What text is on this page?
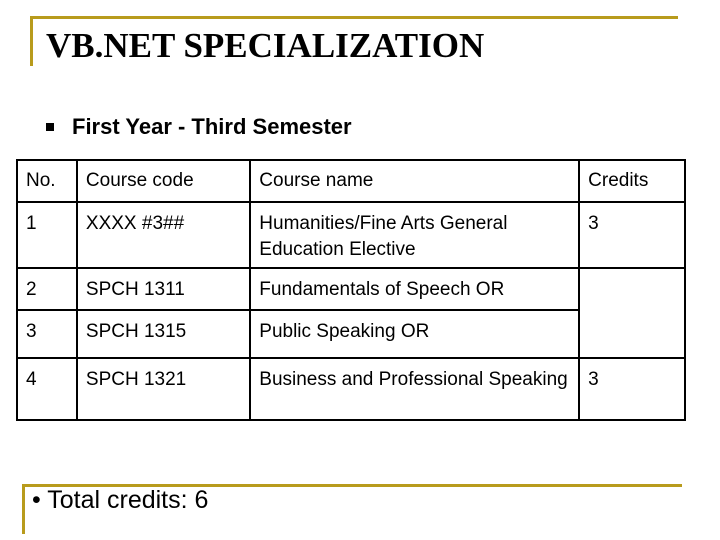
VB.NET SPECIALIZATION
First Year - Third Semester
No.	Course code	Course name	Credits
1	XXXX #3##	Humanities/Fine Arts General Education Elective	3
2	SPCH 1311	Fundamentals of Speech OR	
3	SPCH 1315	Public Speaking OR	
4	SPCH 1321	Business and Professional Speaking	3
• Total credits: 6
